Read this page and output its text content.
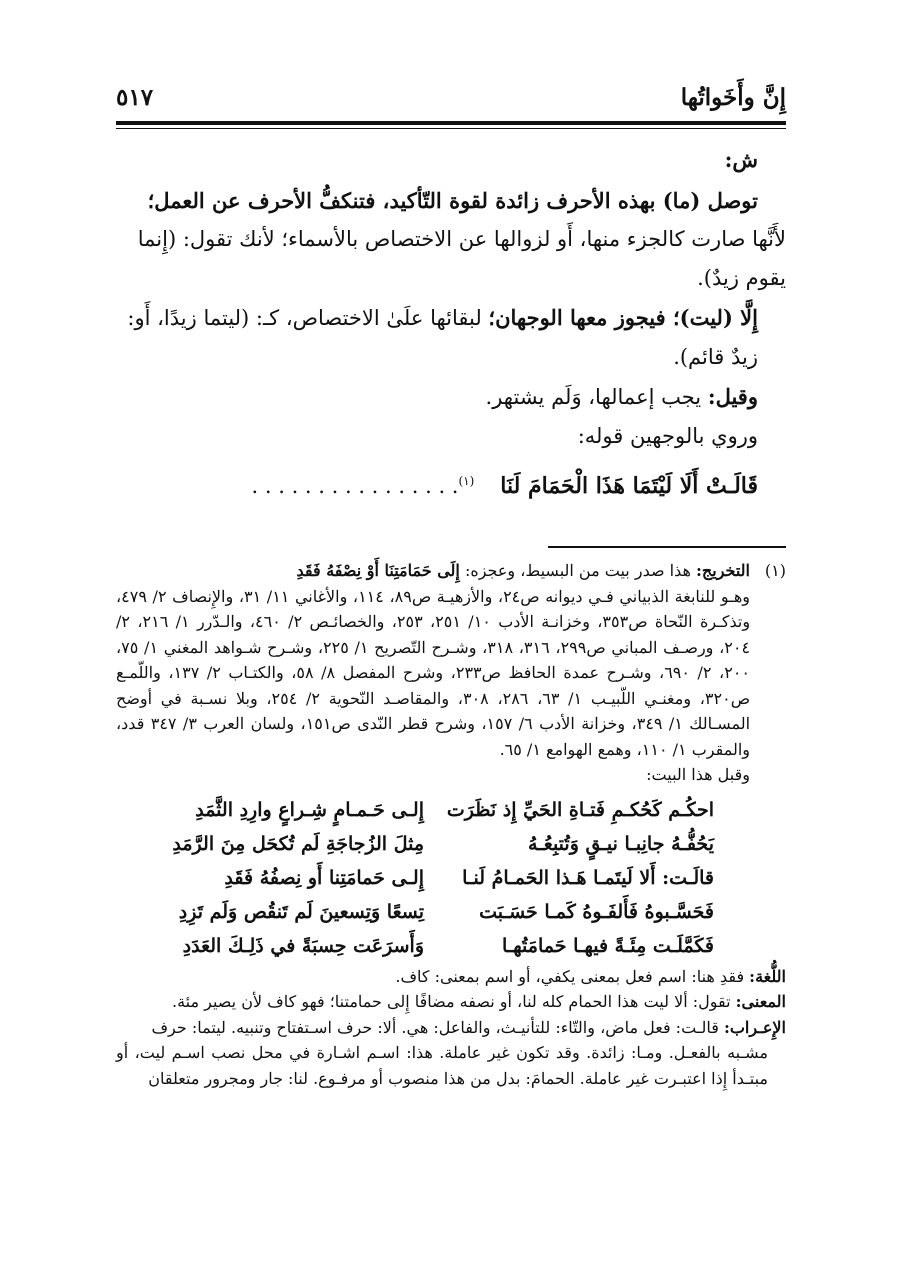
إِنَّ وأَخَواتُها
٥١٧

ش:

توصل (ما) بهذه الأحرف زائدة لقوة التّأكيد، فتنكفُّ الأحرف عن العمل؛

لأَنَّها صارت كالجزء منها، أَو لزوالها عن الاختصاص بالأسماء؛ لأنك تقول: (إِنما يقوم زيدٌ).

إِلَّا (ليت)؛ فيجوز معها الوجهان؛ لبقائها علَىٰ الاختصاص، كـ: (ليتما زيدًا، أَو: زيدٌ قائم).

وقيل: يجب إعمالها، وَلَم يشتهر.

وروي بالوجهين قوله:

قَالَـتْ أَلَا لَيْتَمَا هَذَا الْحَمَامَ لَنَا
. . . . . . . . . . . . . . . .$^{(١)}$
(١)
التخريج: هذا صدر بيت من البسيط، وعجزه: إِلَى حَمَامَتِنَا أَوْ نِصْفَهُ فَقَدِ

وهـو للنابغة الذبياني فـي ديوانه ص٢٤، والأزهيـة ص٨٩، ١١٤، والأغاني ١١/ ٣١، والإِنصاف ٢/ ٤٧٩، وتذكـرة النّحاة ص٣٥٣، وخزانـة الأدب ١٠/ ٢٥١، ٢٥٣، والخصائـص ٢/ ٤٦٠، والـدّرر ١/ ٢١٦، ٢/ ٢٠٤، ورصـف المباني ص٢٩٩، ٣١٦، ٣١٨، وشـرح التّصريح ١/ ٢٢٥، وشـرح شـواهد المغني ١/ ٧٥، ٢٠٠، ٢/ ٦٩٠، وشـرح عمدة الحافظ ص٢٣٣، وشرح المفصل ٨/ ٥٨، والكتـاب ٢/ ١٣٧، واللّمـع ص٣٢٠، ومغنـي اللّبيـب ١/ ٦٣، ٢٨٦، ٣٠٨، والمقاصـد النّحوية ٢/ ٢٥٤، وبلا نسـبة في أوضح المسـالك ١/ ٣٤٩، وخزانة الأدب ٦/ ١٥٧، وشرح قطر النّدى ص١٥١، ولسان العرب ٣/ ٣٤٧ قدد، والمقرب ١/ ١١٠، وهمع الهوامع ١/ ٦٥.

وقبل هذا البيت:

احكُـم كَحُكـمِ فَتـاةِ الحَيِّ إِذ نَظَرَت
إِلـى حَـمـامٍ شِـراعٍ وارِدِ الثَّمَدِ
يَحُفُّـهُ جانِبـا نيـقٍ وَتُتبِعُـهُ
مِثلَ الزُجاجَةِ لَم تُكحَل مِنَ الرَّمَدِ
قالَـت: أَلا لَيتَمـا هَـذا الحَمـامُ لَنـا
إِلـى حَمامَتِنا أَو نِصفُهُ فَقَدِ
فَحَسَّـبوهُ فَأَلفَـوهُ كَمـا حَسَـبَت
تِسعًا وَتِسعينَ لَم تَنقُص وَلَم تَزِدِ
فَكَمَّلَـت مِئَـةً فيهـا حَمامَتُهـا
وَأَسرَعَت حِسبَةً في ذَلِـكَ العَدَدِ

اللُّغة: فقدِ هنا: اسم فعل بمعنى يكفي، أو اسم بمعنى: كاف.

المعنى: تقول: ألا ليت هذا الحمام كله لنا، أو نصفه مضافًا إِلى حمامتنا؛ فهو كاف لأن يصير مئة.

الإِعـراب: قالـت: فعل ماض، والتّاء: للتأنيـث، والفاعل: هي. ألا: حرف اسـتفتاح وتنبيه. ليتما: حرف

مشـبه بالفعـل. ومـا: زائدة. وقد تكون غير عاملة. هذا: اسـم اشـارة في محل نصب اسـم ليت، أو مبتـدأ إِذا اعتبـرت غير عاملة. الحمامَ: بدل من هذا منصوب أو مرفـوع. لنا: جار ومجرور متعلقان
